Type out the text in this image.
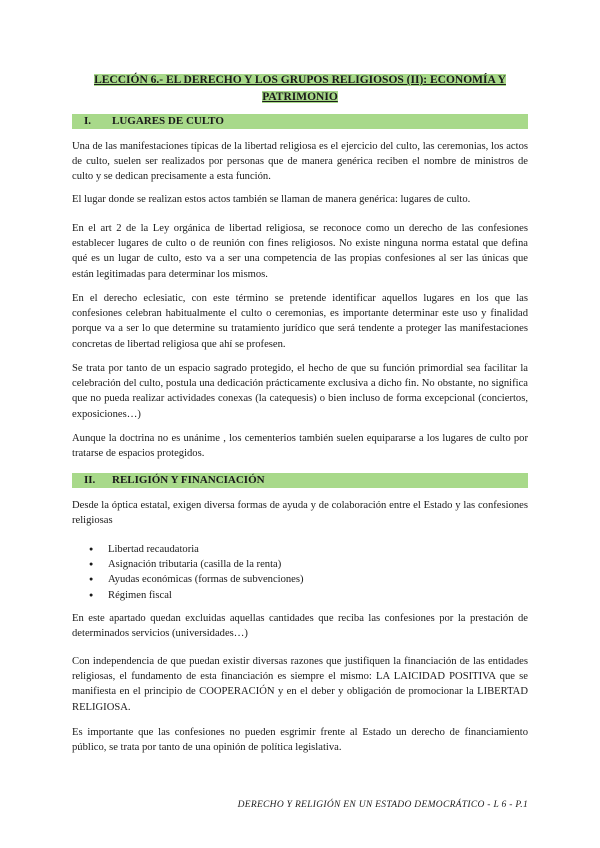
LECCIÓN 6.- EL DERECHO Y LOS GRUPOS RELIGIOSOS (II): ECONOMÍA Y
PATRIMONIO
I. LUGARES DE CULTO

Una de las manifestaciones típicas de la libertad religiosa es el ejercicio del culto, las ceremonias, los actos de culto, suelen ser realizados por personas que de manera genérica reciben el nombre de ministros de culto y se dedican precisamente a esta función.

El lugar donde se realizan estos actos también se llaman de manera genérica: lugares de culto.

En el art 2 de la Ley orgánica de libertad religiosa, se reconoce como un derecho de las confesiones establecer lugares de culto o de reunión con fines religiosos. No existe ninguna norma estatal que defina qué es un lugar de culto, esto va a ser una competencia de las propias confesiones al ser las únicas que están legitimadas para determinar los mismos.

En el derecho eclesiatic, con este término se pretende identificar aquellos lugares en los que las confesiones celebran habitualmente el culto o ceremonias, es importante determinar este uso y finalidad porque va a ser lo que determine su tratamiento jurídico que será tendente a proteger las manifestaciones concretas de libertad religiosa que ahí se profesen.

Se trata por tanto de un espacio sagrado protegido, el hecho de que su función primordial sea facilitar la celebración del culto, postula una dedicación prácticamente exclusiva a dicho fin. No obstante, no significa que no pueda realizar actividades conexas (la catequesis) o bien incluso de forma excepcional (conciertos, exposiciones…)

Aunque la doctrina no es unánime , los cementerios también suelen equipararse a los lugares de culto por tratarse de espacios protegidos.

II. RELIGIÓN Y FINANCIACIÓN

Desde la óptica estatal, exigen diversa formas de ayuda y de colaboración entre el Estado y las confesiones religiosas

● Libertad recaudatoria
● Asignación tributaria (casilla de la renta)
● Ayudas económicas (formas de subvenciones)
● Régimen fiscal

En este apartado quedan excluidas aquellas cantidades que reciba las confesiones por la prestación de determinados servicios (universidades…)

Con independencia de que puedan existir diversas razones que justifiquen la financiación de las entidades religiosas, el fundamento de esta financiación es siempre el mismo: LA LAICIDAD POSITIVA que se manifiesta en el principio de COOPERACIÓN y en el deber y obligación de promocionar la LIBERTAD RELIGIOSA.

Es importante que las confesiones no pueden esgrimir frente al Estado un derecho de financiamiento público, se trata por tanto de una opinión de política legislativa.

DERECHO Y RELIGIÓN EN UN ESTADO DEMOCRÁTICO - L 6 - P.1
